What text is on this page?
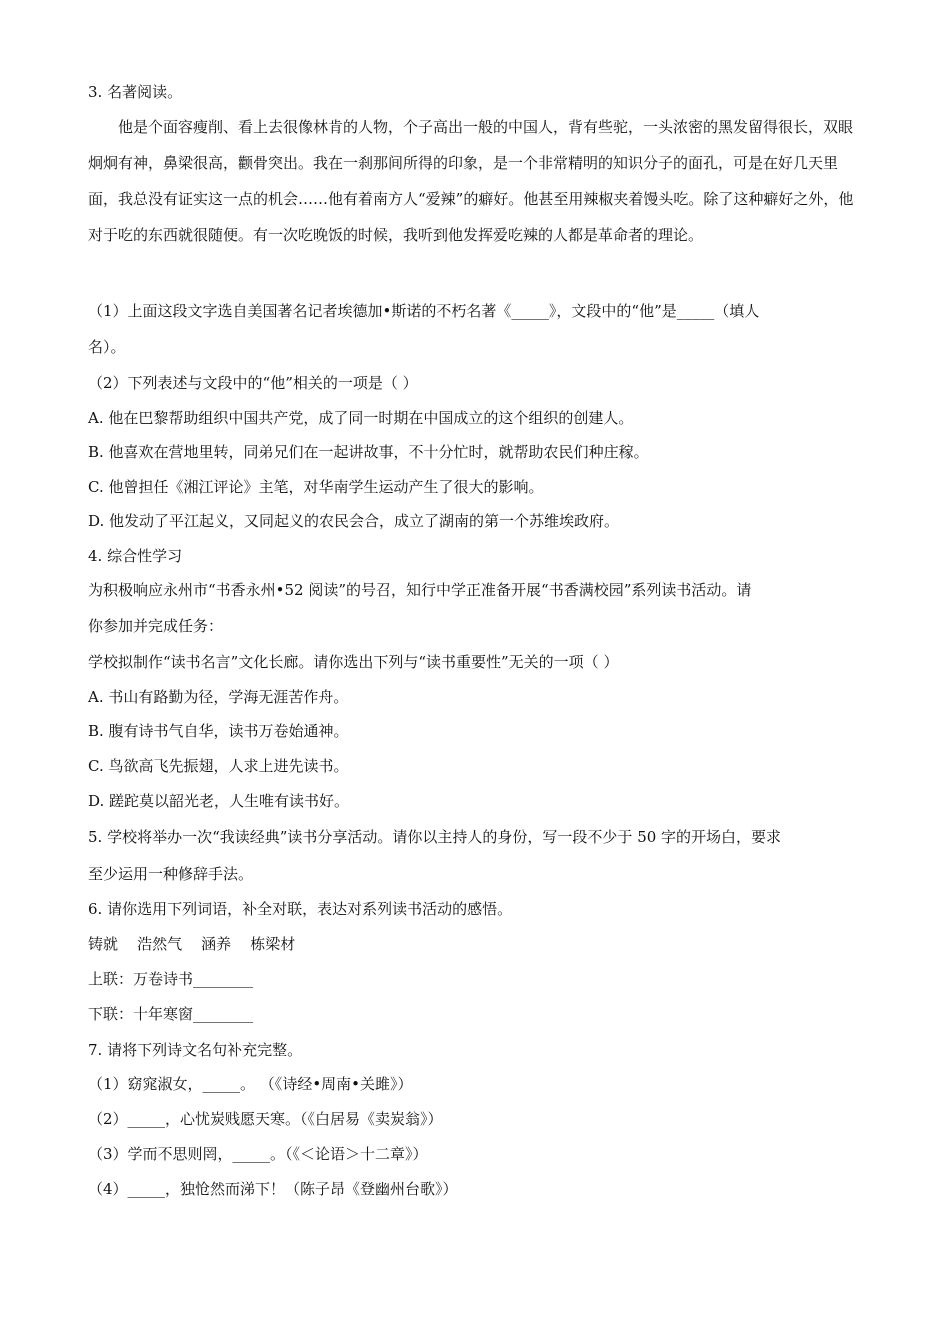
3. 名著阅读。
他是个面容瘦削、看上去很像林肯的人物，个子高出一般的中国人，背有些驼，一头浓密的黑发留得很长，双眼炯炯有神，鼻梁很高，颧骨突出。我在一刹那间所得的印象，是一个非常精明的知识分子的面孔，可是在好几天里面，我总没有证实这一点的机会……他有着南方人“爱辣”的癖好。他甚至用辣椒夹着馒头吃。除了这种癖好之外，他对于吃的东西就很随便。有一次吃晚饭的时候，我听到他发挥爱吃辣的人都是革命者的理论。
（1）上面这段文字选自美国著名记者埃德加•斯诺的不朽名著《_____》，文段中的“他”是_____（填人
名）。
（2）下列表述与文段中的“他”相关的一项是（ ）
A. 他在巴黎帮助组织中国共产党，成了同一时期在中国成立的这个组织的创建人。
B. 他喜欢在营地里转，同弟兄们在一起讲故事，不十分忙时，就帮助农民们种庄稼。
C. 他曾担任《湘江评论》主笔，对华南学生运动产生了很大的影响。
D. 他发动了平江起义，又同起义的农民会合，成立了湖南的第一个苏维埃政府。
4. 综合性学习
为积极响应永州市“书香永州•52 阅读”的号召，知行中学正准备开展“书香满校园”系列读书活动。请
你参加并完成任务：
学校拟制作“读书名言”文化长廊。请你选出下列与“读书重要性”无关的一项（ ）
A. 书山有路勤为径，学海无涯苦作舟。
B. 腹有诗书气自华，读书万卷始通神。
C. 鸟欲高飞先振翅，人求上进先读书。
D. 蹉跎莫以韶光老，人生唯有读书好。
5. 学校将举办一次“我读经典”读书分享活动。请你以主持人的身份，写一段不少于 50 字的开场白，要求
至少运用一种修辞手法。
6. 请你选用下列词语，补全对联，表达对系列读书活动的感悟。
铸就    浩然气    涵养    栋梁材
上联：万卷诗书________
下联：十年寒窗________
7. 请将下列诗文名句补充完整。
（1）窈窕淑女，_____。 （《诗经•周南•关雎》）
（2）_____，心忧炭贱愿天寒。（《白居易《卖炭翁》）
（3）学而不思则罔，_____。（《＜论语＞十二章》）
（4）_____，独怆然而涕下！（陈子昂《登幽州台歌》）
